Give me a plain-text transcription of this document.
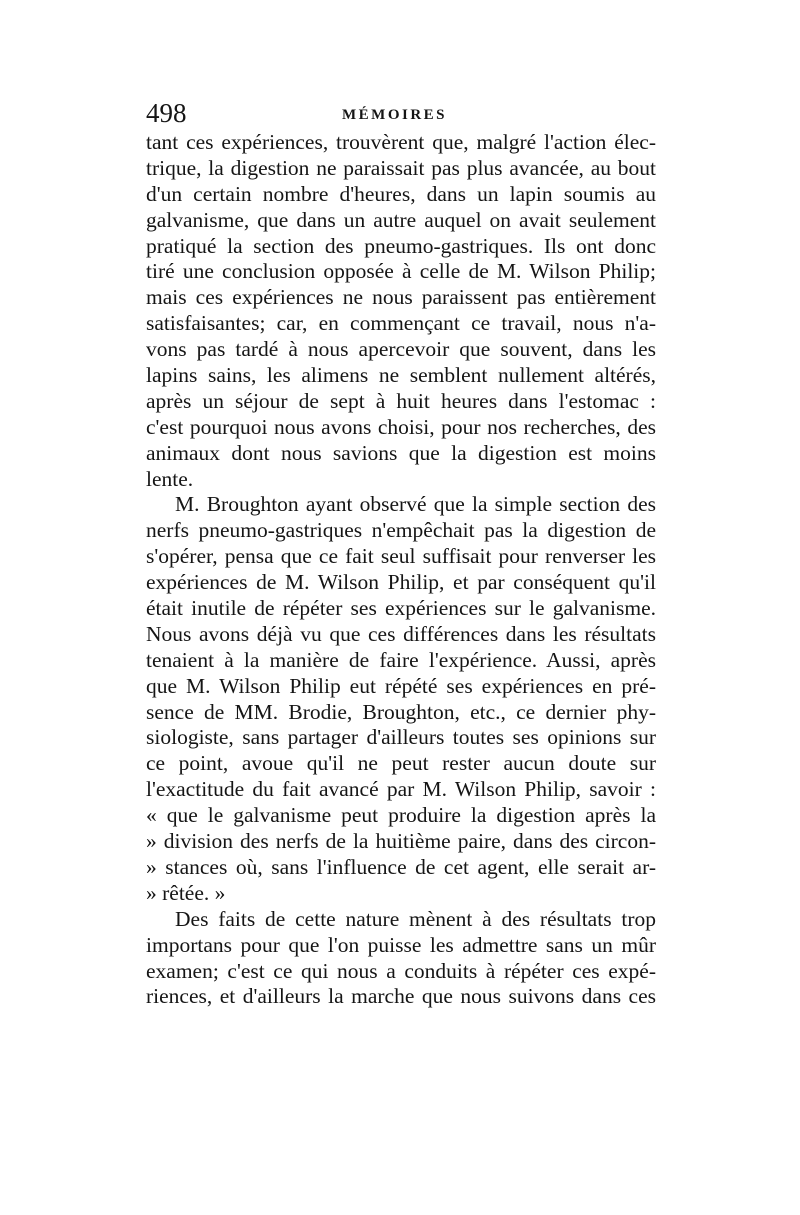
498	MÉMOIRES
tant ces expériences, trouvèrent que, malgré l'action élec-
trique, la digestion ne paraissait pas plus avancée, au bout
d'un certain nombre d'heures, dans un lapin soumis au
galvanisme, que dans un autre auquel on avait seulement
pratiqué la section des pneumo-gastriques. Ils ont donc
tiré une conclusion opposée à celle de M. Wilson Philip;
mais ces expériences ne nous paraissent pas entièrement
satisfaisantes; car, en commençant ce travail, nous n'a-
vons pas tardé à nous apercevoir que souvent, dans les
lapins sains, les alimens ne semblent nullement altérés,
après un séjour de sept à huit heures dans l'estomac :
c'est pourquoi nous avons choisi, pour nos recherches, des
animaux dont nous savions que la digestion est moins
lente.
M. Broughton ayant observé que la simple section des
nerfs pneumo-gastriques n'empêchait pas la digestion de
s'opérer, pensa que ce fait seul suffisait pour renverser les
expériences de M. Wilson Philip, et par conséquent qu'il
était inutile de répéter ses expériences sur le galvanisme.
Nous avons déjà vu que ces différences dans les résultats
tenaient à la manière de faire l'expérience. Aussi, après
que M. Wilson Philip eut répété ses expériences en pré-
sence de MM. Brodie, Broughton, etc., ce dernier phy-
siologiste, sans partager d'ailleurs toutes ses opinions sur
ce point, avoue qu'il ne peut rester aucun doute sur
l'exactitude du fait avancé par M. Wilson Philip, savoir :
« que le galvanisme peut produire la digestion après la
» division des nerfs de la huitième paire, dans des circon-
» stances où, sans l'influence de cet agent, elle serait ar-
» rêtée. »
Des faits de cette nature mènent à des résultats trop
importans pour que l'on puisse les admettre sans un mûr
examen; c'est ce qui nous a conduits à répéter ces expé-
riences, et d'ailleurs la marche que nous suivons dans ces
